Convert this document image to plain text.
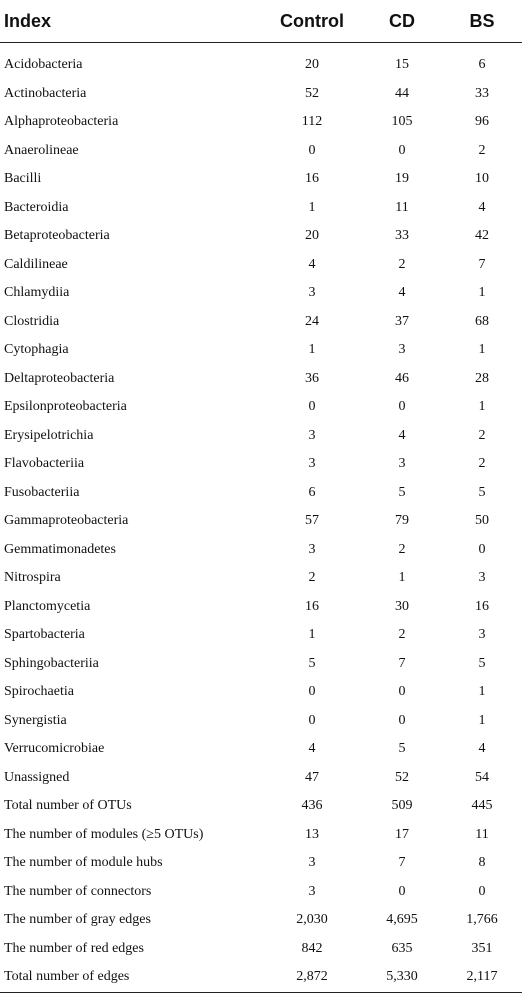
Index	Control	CD	BS
Acidobacteria	20	15	6
Actinobacteria	52	44	33
Alphaproteobacteria	112	105	96
Anaerolineae	0	0	2
Bacilli	16	19	10
Bacteroidia	1	11	4
Betaproteobacteria	20	33	42
Caldilineae	4	2	7
Chlamydiia	3	4	1
Clostridia	24	37	68
Cytophagia	1	3	1
Deltaproteobacteria	36	46	28
Epsilonproteobacteria	0	0	1
Erysipelotrichia	3	4	2
Flavobacteriia	3	3	2
Fusobacteriia	6	5	5
Gammaproteobacteria	57	79	50
Gemmatimonadetes	3	2	0
Nitrospira	2	1	3
Planctomycetia	16	30	16
Spartobacteria	1	2	3
Sphingobacteriia	5	7	5
Spirochaetia	0	0	1
Synergistia	0	0	1
Verrucomicrobiae	4	5	4
Unassigned	47	52	54
Total number of OTUs	436	509	445
The number of modules (≥5 OTUs)	13	17	11
The number of module hubs	3	7	8
The number of connectors	3	0	0
The number of gray edges	2,030	4,695	1,766
The number of red edges	842	635	351
Total number of edges	2,872	5,330	2,117
